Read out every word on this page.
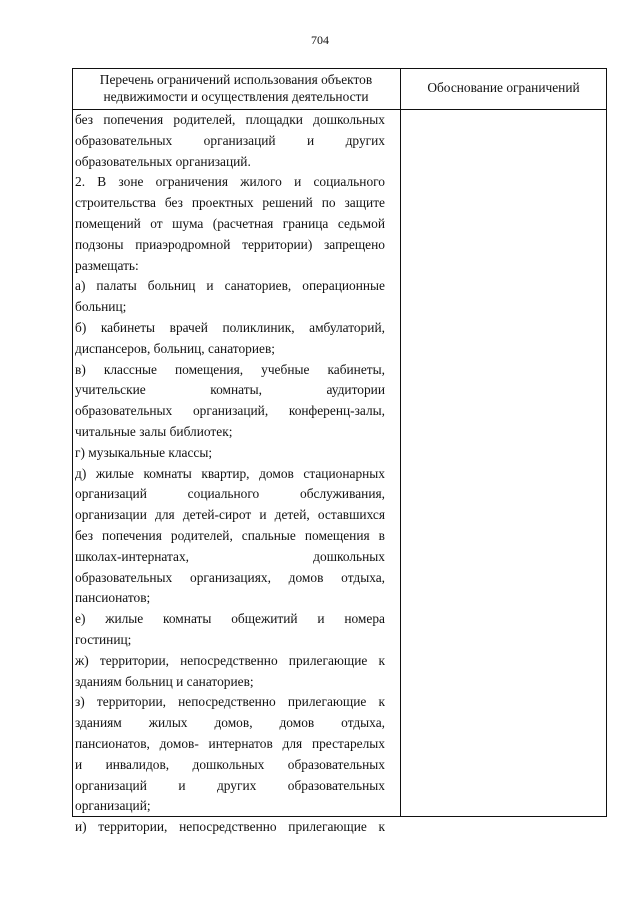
704
Перечень ограничений использования объектов недвижимости и осуществления деятельности
Обоснование ограничений
без попечения родителей, площадки дошкольных
образовательных организаций и других
образовательных организаций.
2. В зоне ограничения жилого и социального
строительства без проектных решений по защите
помещений от шума (расчетная граница седьмой
подзоны приаэродромной территории) запрещено
размещать:
а) палаты больниц и санаториев, операционные
больниц;
б) кабинеты врачей поликлиник, амбулаторий,
диспансеров, больниц, санаториев;
в) классные помещения, учебные кабинеты,
учительские комнаты, аудитории
образовательных организаций, конференц-залы,
читальные залы библиотек;
г) музыкальные классы;
д) жилые комнаты квартир, домов стационарных
организаций социального обслуживания,
организации для детей-сирот и детей, оставшихся
без попечения родителей, спальные помещения в
школах-интернатах, дошкольных
образовательных организациях, домов отдыха,
пансионатов;
е) жилые комнаты общежитий и номера
гостиниц;
ж) территории, непосредственно прилегающие к
зданиям больниц и санаториев;
з) территории, непосредственно прилегающие к
зданиям жилых домов, домов отдыха,
пансионатов, домов- интернатов для престарелых
и инвалидов, дошкольных образовательных
организаций и других образовательных
организаций;
и) территории, непосредственно прилегающие к
